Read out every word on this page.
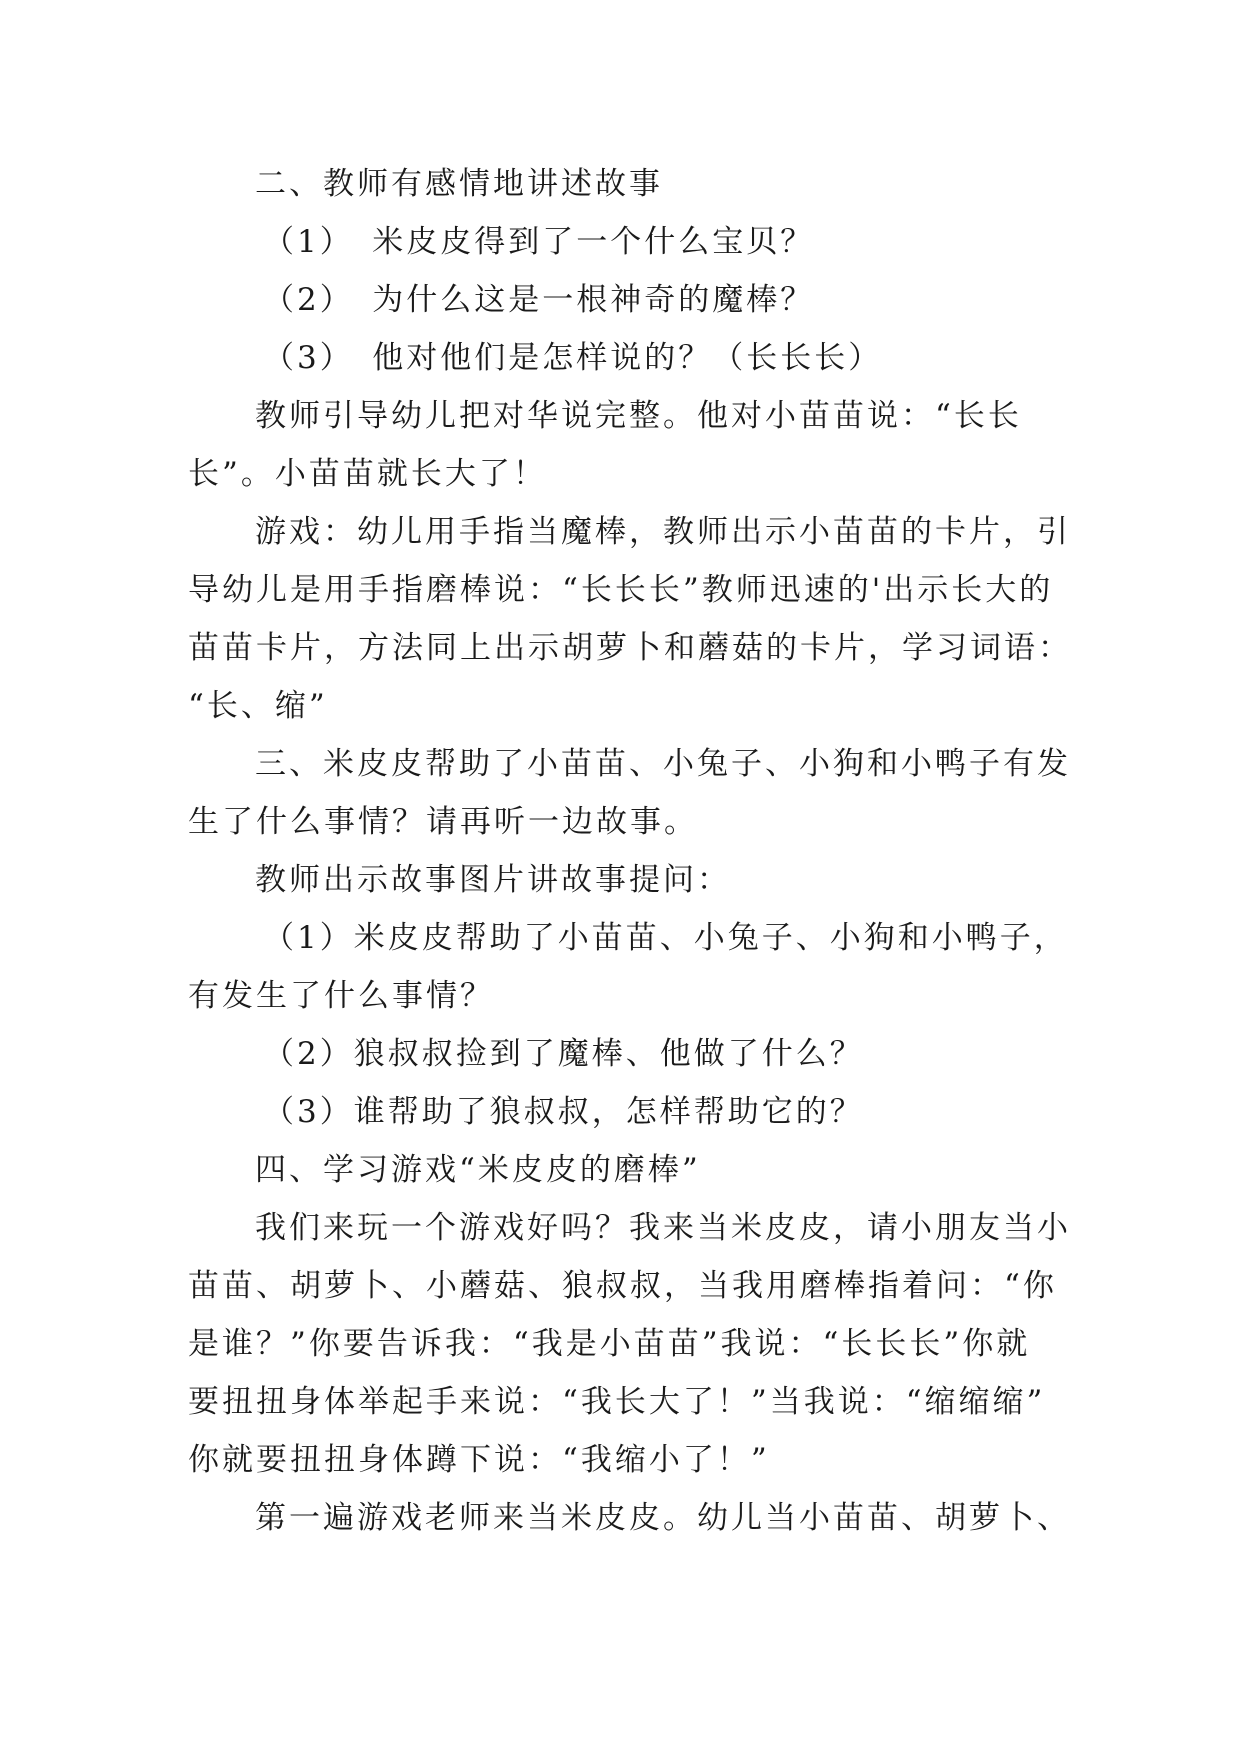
二、教师有感情地讲述故事
（1）　米皮皮得到了一个什么宝贝？
（2）　为什么这是一根神奇的魔棒？
（3）　他对他们是怎样说的？（长长长）
教师引导幼儿把对华说完整。他对小苗苗说：“长长
长”。小苗苗就长大了！
游戏：幼儿用手指当魔棒，教师出示小苗苗的卡片，引
导幼儿是用手指磨棒说：“长长长”教师迅速的'出示长大的
苗苗卡片，方法同上出示胡萝卜和蘑菇的卡片，学习词语：
“长、缩”
三、米皮皮帮助了小苗苗、小兔子、小狗和小鸭子有发
生了什么事情？请再听一边故事。
教师出示故事图片讲故事提问：
（1）米皮皮帮助了小苗苗、小兔子、小狗和小鸭子，
有发生了什么事情？
（2）狼叔叔捡到了魔棒、他做了什么？
（3）谁帮助了狼叔叔，怎样帮助它的？
四、学习游戏“米皮皮的磨棒”
我们来玩一个游戏好吗？我来当米皮皮，请小朋友当小
苗苗、胡萝卜、小蘑菇、狼叔叔，当我用磨棒指着问：“你
是谁？”你要告诉我：“我是小苗苗”我说：“长长长”你就
要扭扭身体举起手来说：“我长大了！”当我说：“缩缩缩”
你就要扭扭身体蹲下说：“我缩小了！”
第一遍游戏老师来当米皮皮。幼儿当小苗苗、胡萝卜、
